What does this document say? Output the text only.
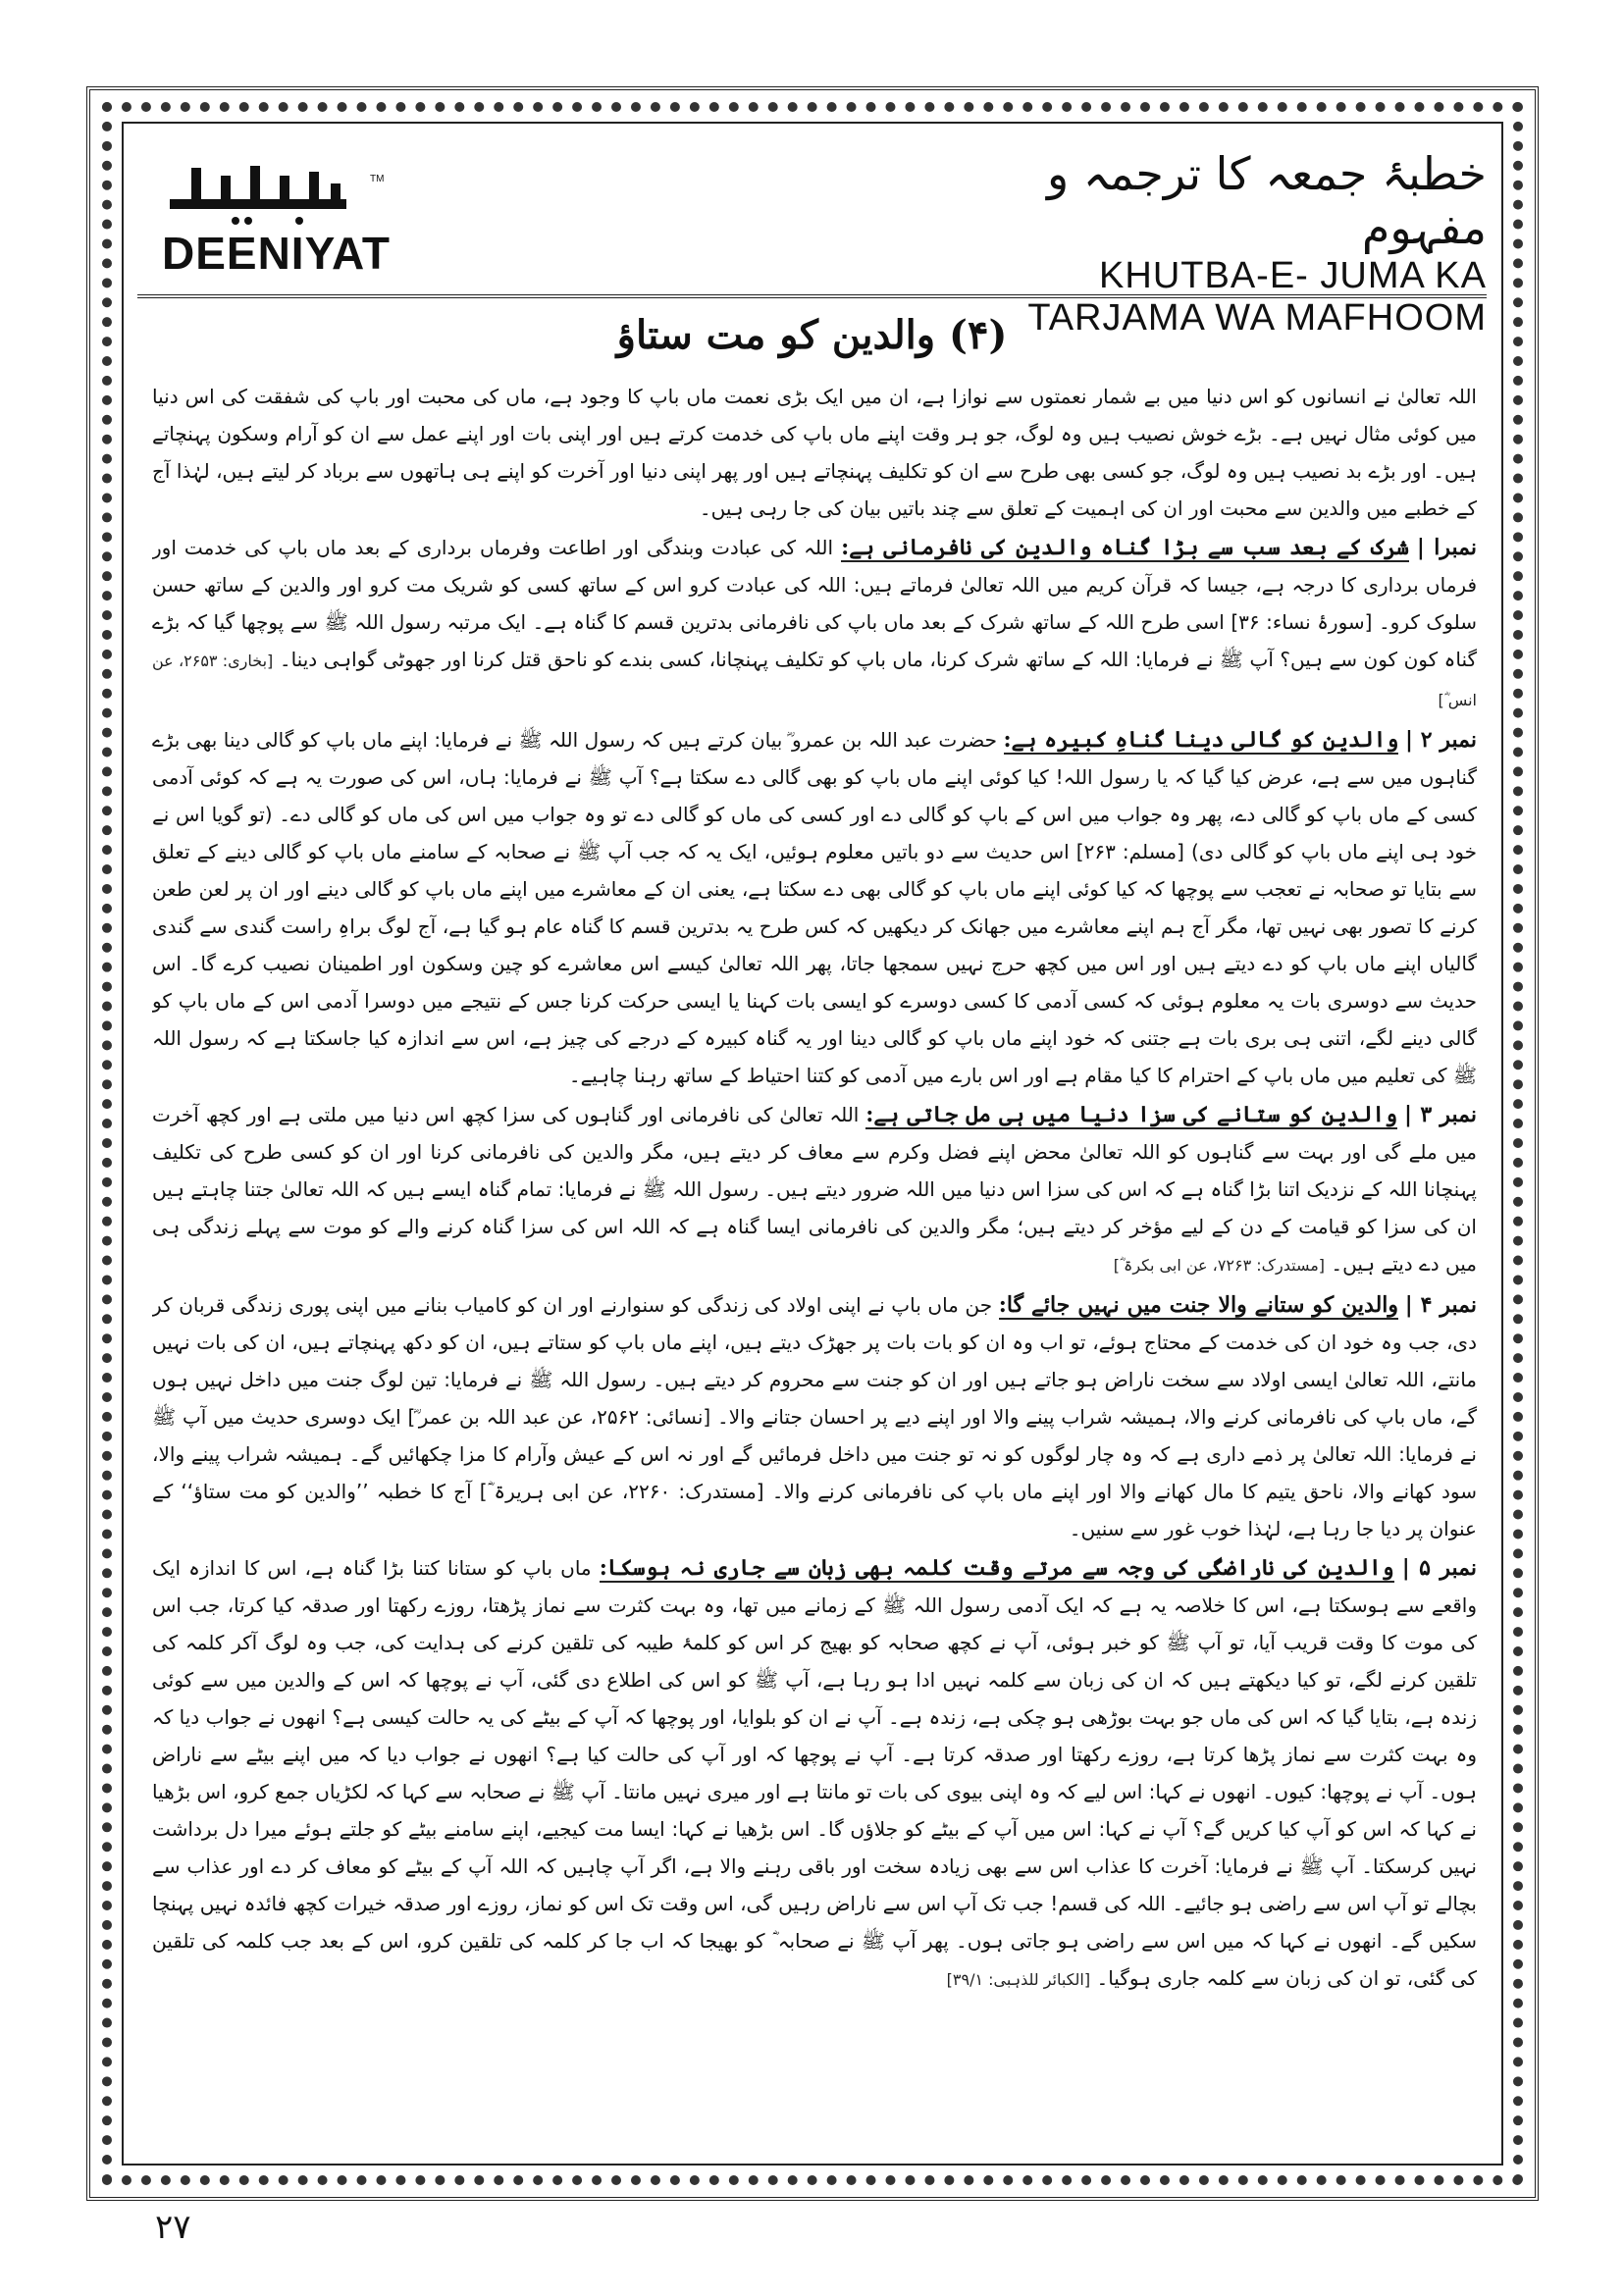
TM
DEENIYAT
خطبۂ جمعہ کا ترجمہ و مفہوم
KHUTBA-E- JUMA KA
TARJAMA WA MAFHOOM
(۴) والدین کو مت ستاؤ

اللہ تعالیٰ نے انسانوں کو اس دنیا میں بے شمار نعمتوں سے نوازا ہے، ان میں ایک بڑی نعمت ماں باپ کا وجود ہے، ماں کی محبت اور باپ کی شفقت کی اس دنیا میں کوئی مثال نہیں ہے۔ بڑے خوش نصیب ہیں وہ لوگ، جو ہر وقت اپنے ماں باپ کی خدمت کرتے ہیں اور اپنی بات اور اپنے عمل سے ان کو آرام وسکون پہنچاتے ہیں۔ اور بڑے بد نصیب ہیں وہ لوگ، جو کسی بھی طرح سے ان کو تکلیف پہنچاتے ہیں اور پھر اپنی دنیا اور آخرت کو اپنے ہی ہاتھوں سے برباد کر لیتے ہیں، لہٰذا آج کے خطبے میں والدین سے محبت اور ان کی اہمیت کے تعلق سے چند باتیں بیان کی جا رہی ہیں۔

نمبرا | شرک کے بعد سب سے بڑا گناہ والدین کی نافرمانی ہے: اللہ کی عبادت وبندگی اور اطاعت وفرماں برداری کے بعد ماں باپ کی خدمت اور فرماں برداری کا درجہ ہے، جیسا کہ قرآن کریم میں اللہ تعالیٰ فرماتے ہیں: اللہ کی عبادت کرو اس کے ساتھ کسی کو شریک مت کرو اور والدین کے ساتھ حسن سلوک کرو۔ [سورۂ نساء: ۳۶] اسی طرح اللہ کے ساتھ شرک کے بعد ماں باپ کی نافرمانی بدترین قسم کا گناہ ہے۔ ایک مرتبہ رسول اللہ ﷺ سے پوچھا گیا کہ بڑے گناہ کون کون سے ہیں؟ آپ ﷺ نے فرمایا: اللہ کے ساتھ شرک کرنا، ماں باپ کو تکلیف پہنچانا، کسی بندے کو ناحق قتل کرنا اور جھوٹی گواہی دینا۔ [بخاری: ۲۶۵۳، عن انس ؓ]

نمبر ۲ | والدین کو گالی دینا گناہِ کبیرہ ہے: حضرت عبد اللہ بن عمرو ؓ بیان کرتے ہیں کہ رسول اللہ ﷺ نے فرمایا: اپنے ماں باپ کو گالی دینا بھی بڑے گناہوں میں سے ہے، عرض کیا گیا کہ یا رسول اللہ! کیا کوئی اپنے ماں باپ کو بھی گالی دے سکتا ہے؟ آپ ﷺ نے فرمایا: ہاں، اس کی صورت یہ ہے کہ کوئی آدمی کسی کے ماں باپ کو گالی دے، پھر وہ جواب میں اس کے باپ کو گالی دے اور کسی کی ماں کو گالی دے تو وہ جواب میں اس کی ماں کو گالی دے۔ (تو گویا اس نے خود ہی اپنے ماں باپ کو گالی دی) [مسلم: ۲۶۳] اس حدیث سے دو باتیں معلوم ہوئیں، ایک یہ کہ جب آپ ﷺ نے صحابہ کے سامنے ماں باپ کو گالی دینے کے تعلق سے بتایا تو صحابہ نے تعجب سے پوچھا کہ کیا کوئی اپنے ماں باپ کو گالی بھی دے سکتا ہے، یعنی ان کے معاشرے میں اپنے ماں باپ کو گالی دینے اور ان پر لعن طعن کرنے کا تصور بھی نہیں تھا، مگر آج ہم اپنے معاشرے میں جھانک کر دیکھیں کہ کس طرح یہ بدترین قسم کا گناہ عام ہو گیا ہے، آج لوگ براہِ راست گندی سے گندی گالیاں اپنے ماں باپ کو دے دیتے ہیں اور اس میں کچھ حرج نہیں سمجھا جاتا، پھر اللہ تعالیٰ کیسے اس معاشرے کو چین وسکون اور اطمینان نصیب کرے گا۔ اس حدیث سے دوسری بات یہ معلوم ہوئی کہ کسی آدمی کا کسی دوسرے کو ایسی بات کہنا یا ایسی حرکت کرنا جس کے نتیجے میں دوسرا آدمی اس کے ماں باپ کو گالی دینے لگے، اتنی ہی بری بات ہے جتنی کہ خود اپنے ماں باپ کو گالی دینا اور یہ گناہ کبیرہ کے درجے کی چیز ہے، اس سے اندازہ کیا جاسکتا ہے کہ رسول اللہ ﷺ کی تعلیم میں ماں باپ کے احترام کا کیا مقام ہے اور اس بارے میں آدمی کو کتنا احتیاط کے ساتھ رہنا چاہیے۔

نمبر ۳ | والدین کو ستانے کی سزا دنیا میں ہی مل جاتی ہے: اللہ تعالیٰ کی نافرمانی اور گناہوں کی سزا کچھ اس دنیا میں ملتی ہے اور کچھ آخرت میں ملے گی اور بہت سے گناہوں کو اللہ تعالیٰ محض اپنے فضل وکرم سے معاف کر دیتے ہیں، مگر والدین کی نافرمانی کرنا اور ان کو کسی طرح کی تکلیف پہنچانا اللہ کے نزدیک اتنا بڑا گناہ ہے کہ اس کی سزا اس دنیا میں اللہ ضرور دیتے ہیں۔ رسول اللہ ﷺ نے فرمایا: تمام گناہ ایسے ہیں کہ اللہ تعالیٰ جتنا چاہتے ہیں ان کی سزا کو قیامت کے دن کے لیے مؤخر کر دیتے ہیں؛ مگر والدین کی نافرمانی ایسا گناہ ہے کہ اللہ اس کی سزا گناہ کرنے والے کو موت سے پہلے زندگی ہی میں دے دیتے ہیں۔ [مستدرک: ۷۲۶۳، عن ابی بکرۃ ؓ]

نمبر ۴ | والدین کو ستانے والا جنت میں نہیں جائے گا: جن ماں باپ نے اپنی اولاد کی زندگی کو سنوارنے اور ان کو کامیاب بنانے میں اپنی پوری زندگی قربان کر دی، جب وہ خود ان کی خدمت کے محتاج ہوئے، تو اب وہ ان کو بات بات پر جھڑک دیتے ہیں، اپنے ماں باپ کو ستاتے ہیں، ان کو دکھ پہنچاتے ہیں، ان کی بات نہیں مانتے، اللہ تعالیٰ ایسی اولاد سے سخت ناراض ہو جاتے ہیں اور ان کو جنت سے محروم کر دیتے ہیں۔ رسول اللہ ﷺ نے فرمایا: تین لوگ جنت میں داخل نہیں ہوں گے، ماں باپ کی نافرمانی کرنے والا، ہمیشہ شراب پینے والا اور اپنے دیے پر احسان جتانے والا۔ [نسائی: ۲۵۶۲، عن عبد اللہ بن عمر ؓ] ایک دوسری حدیث میں آپ ﷺ نے فرمایا: اللہ تعالیٰ پر ذمے داری ہے کہ وہ چار لوگوں کو نہ تو جنت میں داخل فرمائیں گے اور نہ اس کے عیش وآرام کا مزا چکھائیں گے۔ ہمیشہ شراب پینے والا، سود کھانے والا، ناحق یتیم کا مال کھانے والا اور اپنے ماں باپ کی نافرمانی کرنے والا۔ [مستدرک: ۲۲۶۰، عن ابی ہریرۃ ؓ] آج کا خطبہ ’’والدین کو مت ستاؤ‘‘ کے عنوان پر دیا جا رہا ہے، لہٰذا خوب غور سے سنیں۔

نمبر ۵ | والدین کی ناراضگی کی وجہ سے مرتے وقت کلمہ بھی زبان سے جاری نہ ہوسکا: ماں باپ کو ستانا کتنا بڑا گناہ ہے، اس کا اندازہ ایک واقعے سے ہوسکتا ہے، اس کا خلاصہ یہ ہے کہ ایک آدمی رسول اللہ ﷺ کے زمانے میں تھا، وہ بہت کثرت سے نماز پڑھتا، روزے رکھتا اور صدقہ کیا کرتا، جب اس کی موت کا وقت قریب آیا، تو آپ ﷺ کو خبر ہوئی، آپ نے کچھ صحابہ کو بھیج کر اس کو کلمۂ طیبہ کی تلقین کرنے کی ہدایت کی، جب وہ لوگ آکر کلمہ کی تلقین کرنے لگے، تو کیا دیکھتے ہیں کہ ان کی زبان سے کلمہ نہیں ادا ہو رہا ہے، آپ ﷺ کو اس کی اطلاع دی گئی، آپ نے پوچھا کہ اس کے والدین میں سے کوئی زندہ ہے، بتایا گیا کہ اس کی ماں جو بہت بوڑھی ہو چکی ہے، زندہ ہے۔ آپ نے ان کو بلوایا، اور پوچھا کہ آپ کے بیٹے کی یہ حالت کیسی ہے؟ انھوں نے جواب دیا کہ وہ بہت کثرت سے نماز پڑھا کرتا ہے، روزے رکھتا اور صدقہ کرتا ہے۔ آپ نے پوچھا کہ اور آپ کی حالت کیا ہے؟ انھوں نے جواب دیا کہ میں اپنے بیٹے سے ناراض ہوں۔ آپ نے پوچھا: کیوں۔ انھوں نے کہا: اس لیے کہ وہ اپنی بیوی کی بات تو مانتا ہے اور میری نہیں مانتا۔ آپ ﷺ نے صحابہ سے کہا کہ لکڑیاں جمع کرو، اس بڑھیا نے کہا کہ اس کو آپ کیا کریں گے؟ آپ نے کہا: اس میں آپ کے بیٹے کو جلاؤں گا۔ اس بڑھیا نے کہا: ایسا مت کیجیے، اپنے سامنے بیٹے کو جلتے ہوئے میرا دل برداشت نہیں کرسکتا۔ آپ ﷺ نے فرمایا: آخرت کا عذاب اس سے بھی زیادہ سخت اور باقی رہنے والا ہے، اگر آپ چاہیں کہ اللہ آپ کے بیٹے کو معاف کر دے اور عذاب سے بچالے تو آپ اس سے راضی ہو جائیے۔ اللہ کی قسم! جب تک آپ اس سے ناراض رہیں گی، اس وقت تک اس کو نماز، روزے اور صدقہ خیرات کچھ فائدہ نہیں پہنچا سکیں گے۔ انھوں نے کہا کہ میں اس سے راضی ہو جاتی ہوں۔ پھر آپ ﷺ نے صحابہ ؓ کو بھیجا کہ اب جا کر کلمہ کی تلقین کرو، اس کے بعد جب کلمہ کی تلقین کی گئی، تو ان کی زبان سے کلمہ جاری ہوگیا۔ [الکبائر للذہبی: ۳۹/۱]

۲۷
